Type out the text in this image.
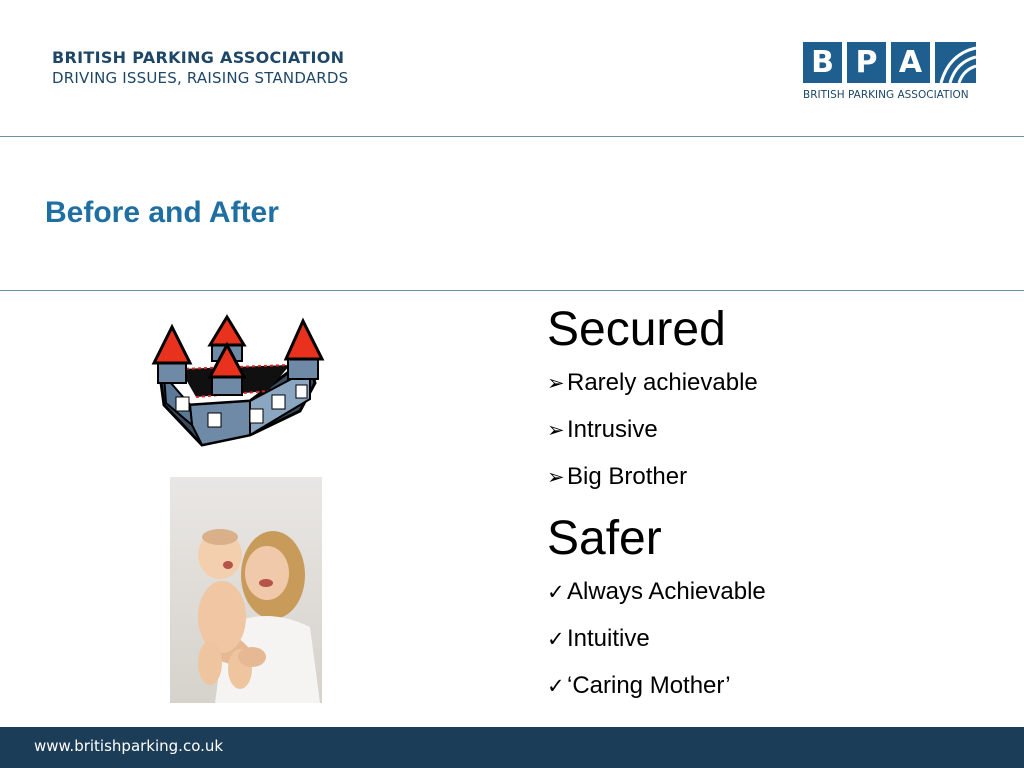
BRITISH PARKING ASSOCIATION
DRIVING ISSUES, RAISING STANDARDS	B P A
BRITISH PARKING ASSOCIATION
Before and After
Secured
➢Rarely achievable
➢Intrusive
➢Big Brother
Safer
✓Always Achievable
✓Intuitive
✓‘Caring Mother’
www.britishparking.co.uk
